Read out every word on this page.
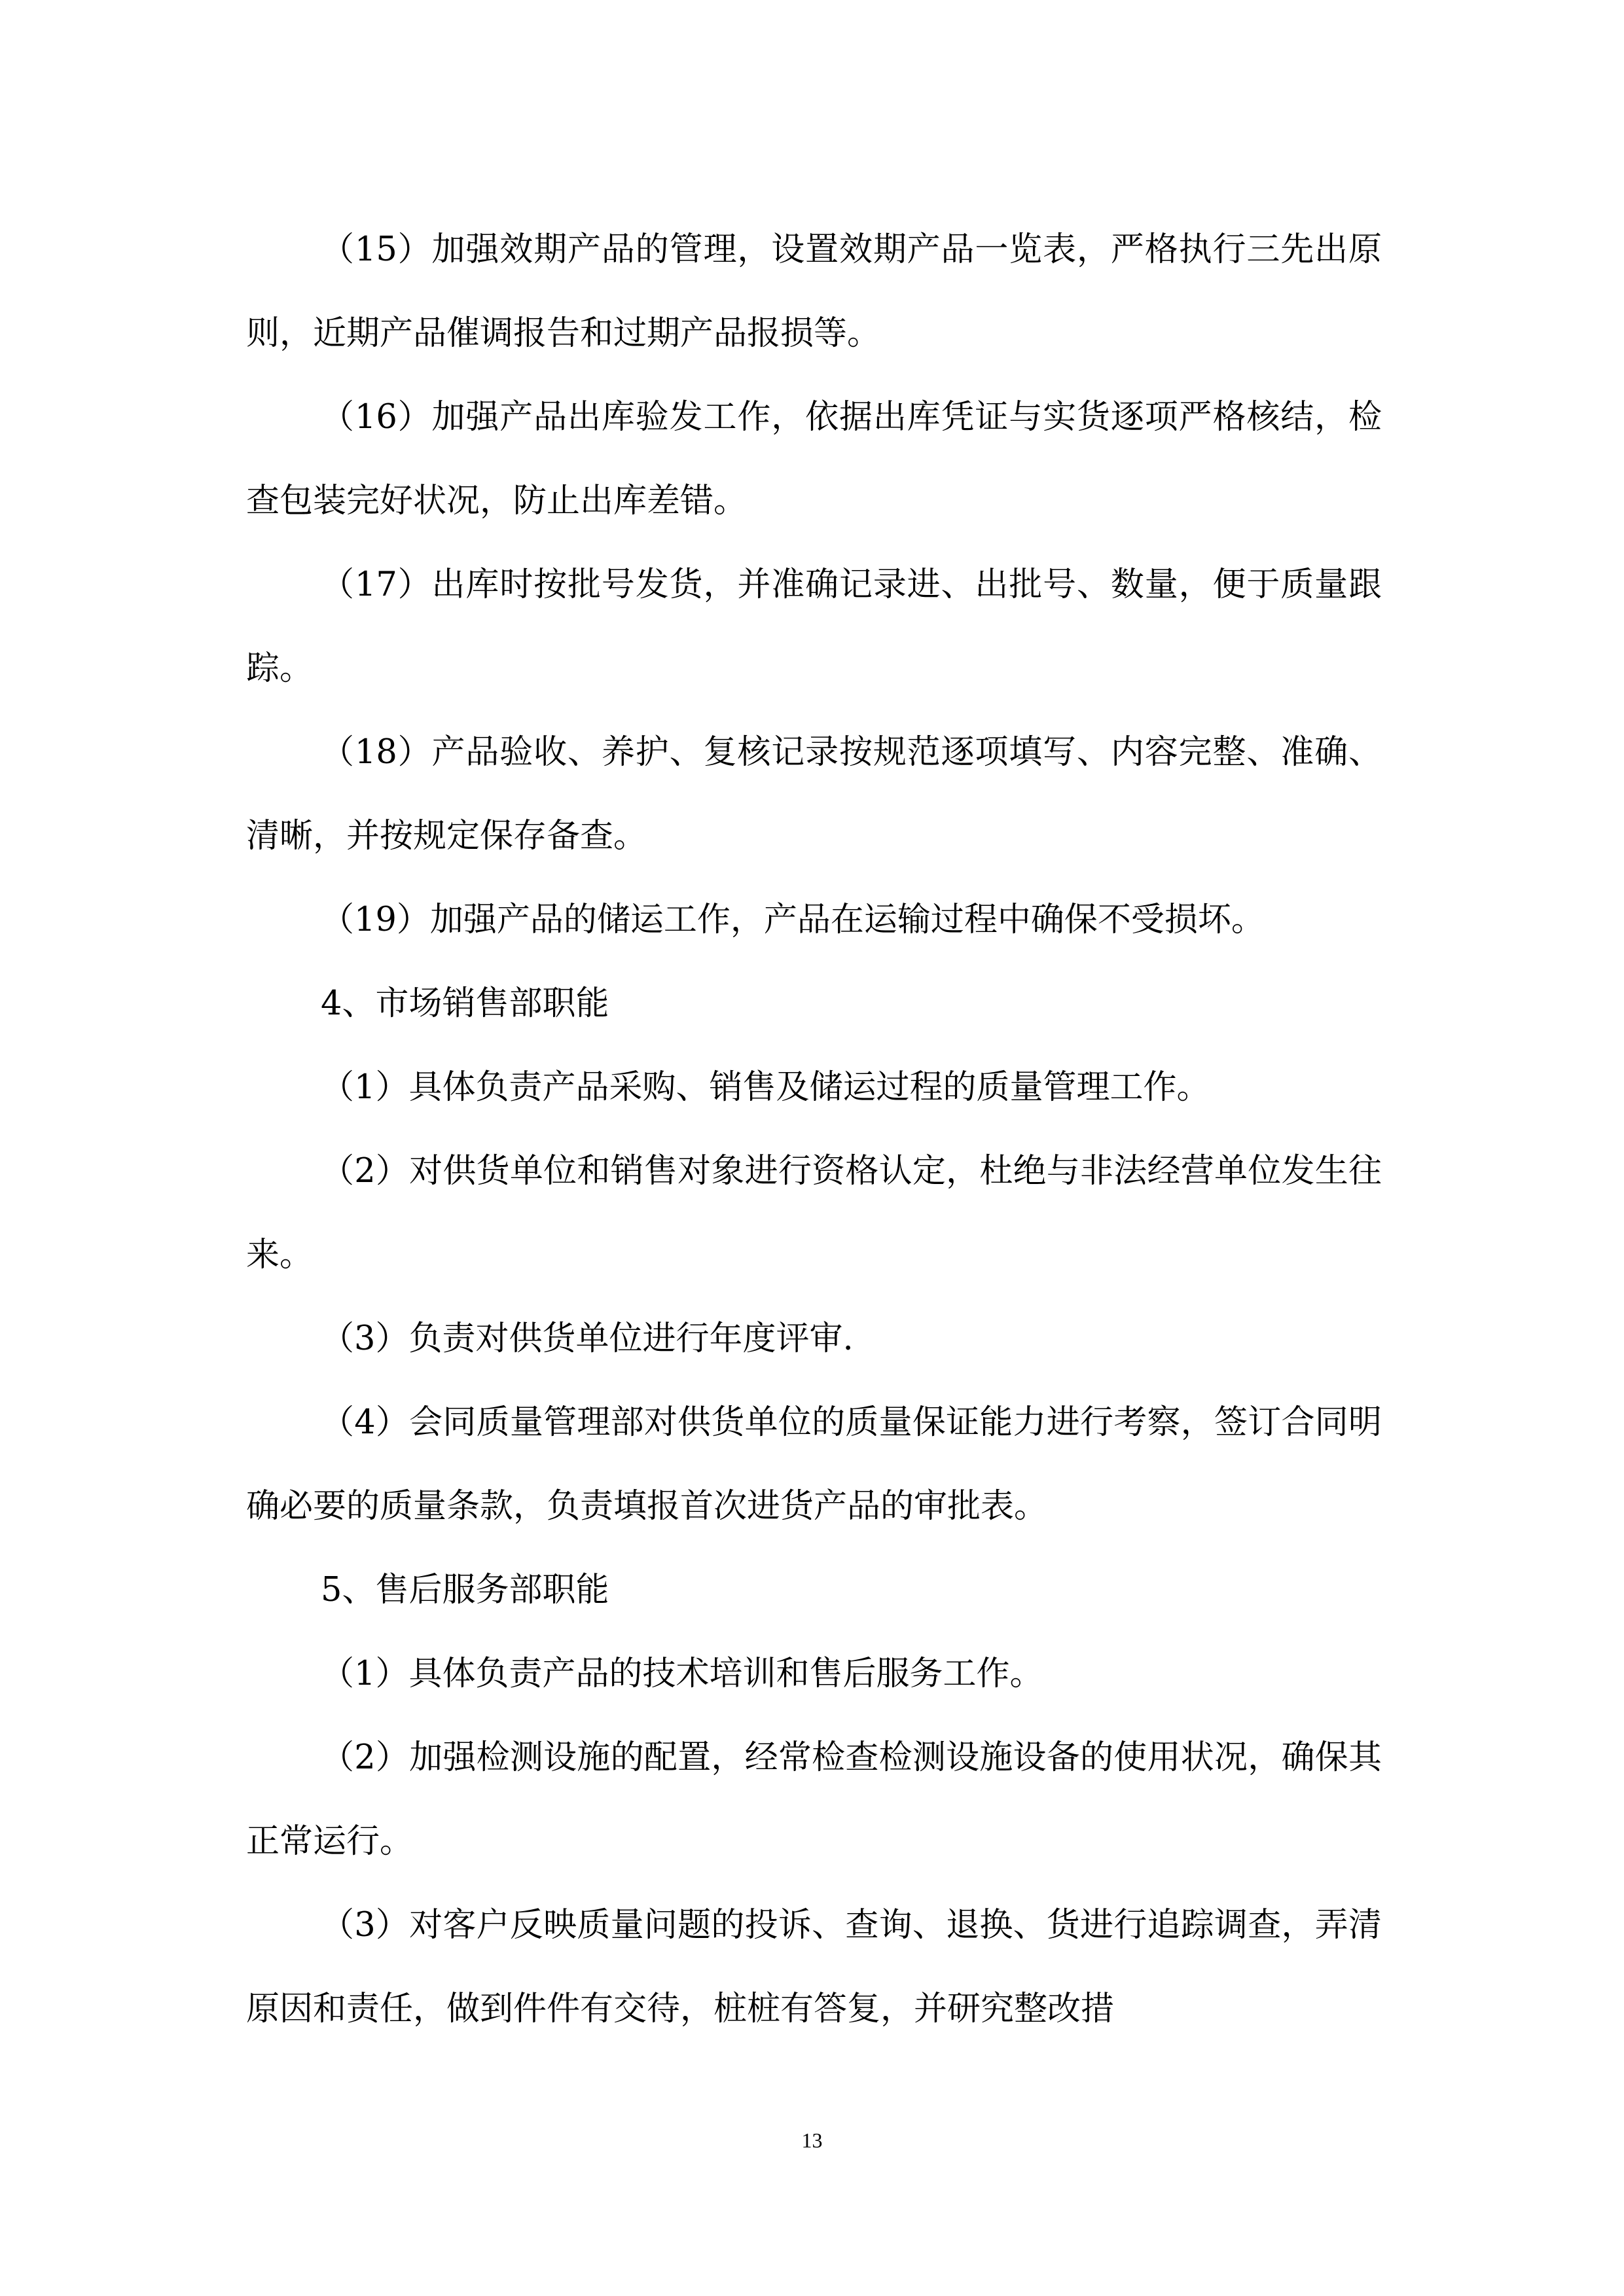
（15）加强效期产品的管理，设置效期产品一览表，严格执行三先出原则，近期产品催调报告和过期产品报损等。

（16）加强产品出库验发工作，依据出库凭证与实货逐项严格核结，检查包装完好状况，防止出库差错。

（17）出库时按批号发货，并准确记录进、出批号、数量，便于质量跟踪。

（18）产品验收、养护、复核记录按规范逐项填写、内容完整、准确、清晰，并按规定保存备查。

（19）加强产品的储运工作，产品在运输过程中确保不受损坏。

4、市场销售部职能

（1）具体负责产品采购、销售及储运过程的质量管理工作。

（2）对供货单位和销售对象进行资格认定，杜绝与非法经营单位发生往来。

（3）负责对供货单位进行年度评审.

（4）会同质量管理部对供货单位的质量保证能力进行考察，签订合同明确必要的质量条款，负责填报首次进货产品的审批表。

5、售后服务部职能

（1）具体负责产品的技术培训和售后服务工作。

（2）加强检测设施的配置，经常检查检测设施设备的使用状况，确保其正常运行。

（3）对客户反映质量问题的投诉、查询、退换、货进行追踪调查，弄清原因和责任，做到件件有交待，桩桩有答复，并研究整改措

13
